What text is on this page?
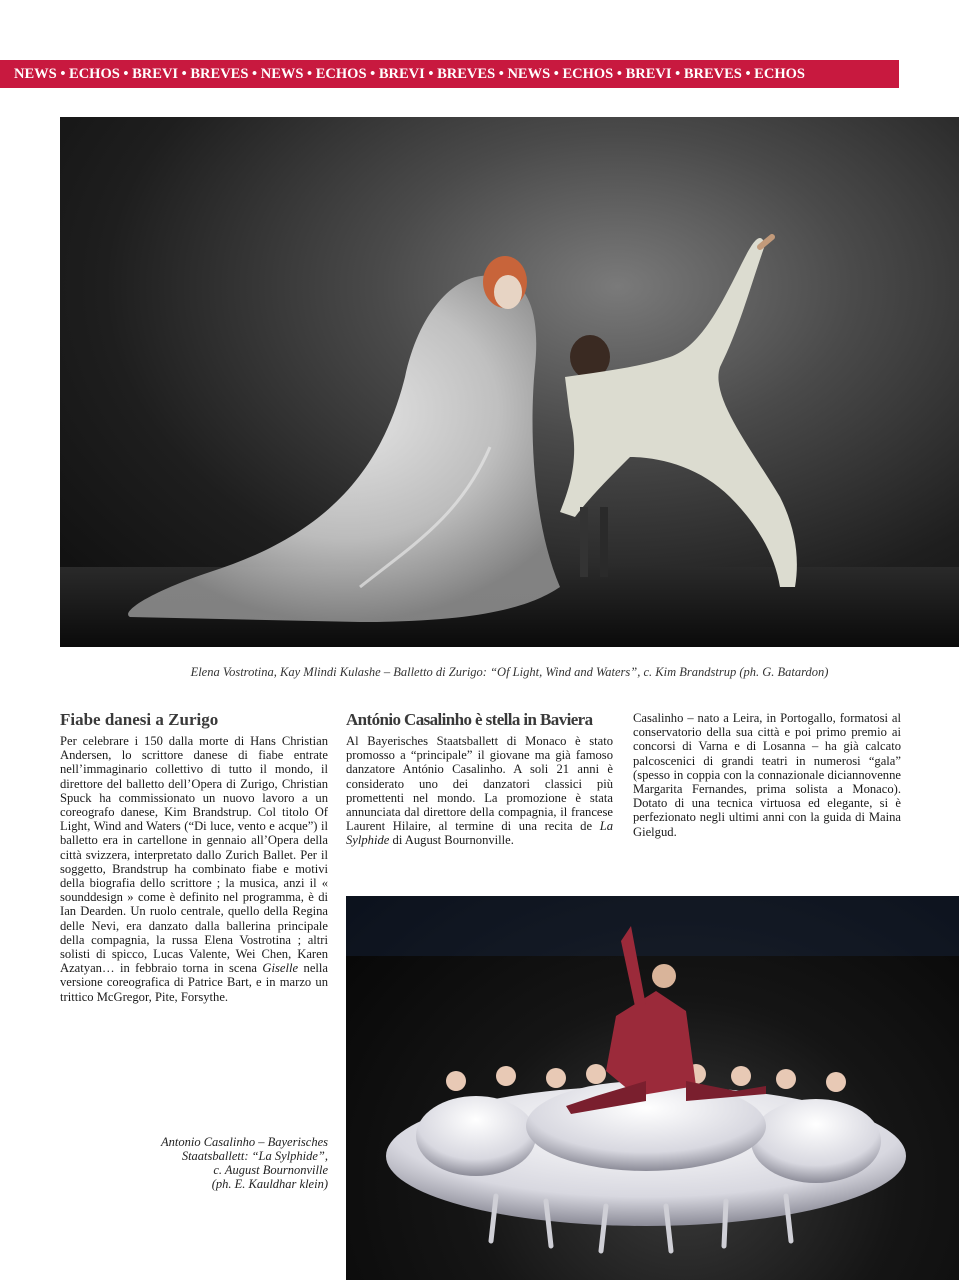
NEWS • ECHOS • BREVI • BREVES • NEWS • ECHOS • BREVI • BREVES • NEWS • ECHOS • BREVI • BREVES • ECHOS
Elena Vostrotina, Kay Mlindi Kulashe – Balletto di Zurigo: “Of Light, Wind and Waters”, c. Kim Brandstrup (ph. G. Batardon)
Fiabe danesi a Zurigo

Per celebrare i 150 dalla morte di Hans Christian Andersen, lo scrittore danese di fiabe entrate nell’immaginario collettivo di tutto il mondo, il direttore del balletto dell’Opera di Zurigo, Christian Spuck ha commissionato un nuovo lavoro a un coreografo danese, Kim Brandstrup. Col titolo Of Light, Wind and Waters (“Di luce, vento e acque”) il balletto era in cartellone in gennaio all’Opera della città svizzera, interpretato dallo Zurich Ballet. Per il soggetto, Brandstrup ha combinato fiabe e motivi della biografia dello scrittore ; la musica, anzi il « sounddesign » come è definito nel programma, è di Ian Dearden. Un ruolo centrale, quello della Regina delle Nevi, era danzato dalla ballerina principale della compagnia, la russa Elena Vostrotina ; altri solisti di spicco, Lucas Valente, Wei Chen, Karen Azatyan… in febbraio torna in scena Giselle nella versione coreografica di Patrice Bart, e in marzo un trittico McGregor, Pite, Forsythe.

António Casalinho è stella in Baviera

Al Bayerisches Staatsballett di Monaco è stato promosso a “principale” il giovane ma già famoso danzatore António Casalinho. A soli 21 anni è considerato uno dei danzatori classici più promettenti nel mondo. La promozione è stata annunciata dal direttore della compagnia, il francese Laurent Hilaire, al termine di una recita de La Sylphide di August Bournonville.

Casalinho – nato a Leira, in Portogallo, formatosi al conservatorio della sua città e poi primo premio ai concorsi di Varna e di Losanna – ha già calcato palcoscenici di grandi teatri in numerosi “gala” (spesso in coppia con la connazionale diciannovenne Margarita Fernandes, prima solista a Monaco). Dotato di una tecnica virtuosa ed elegante, si è perfezionato negli ultimi anni con la guida di Maina Gielgud.

Antonio Casalinho – Bayerisches
Staatsballett: “La Sylphide”,
c. August Bournonville
(ph. E. Kauldhar klein)
